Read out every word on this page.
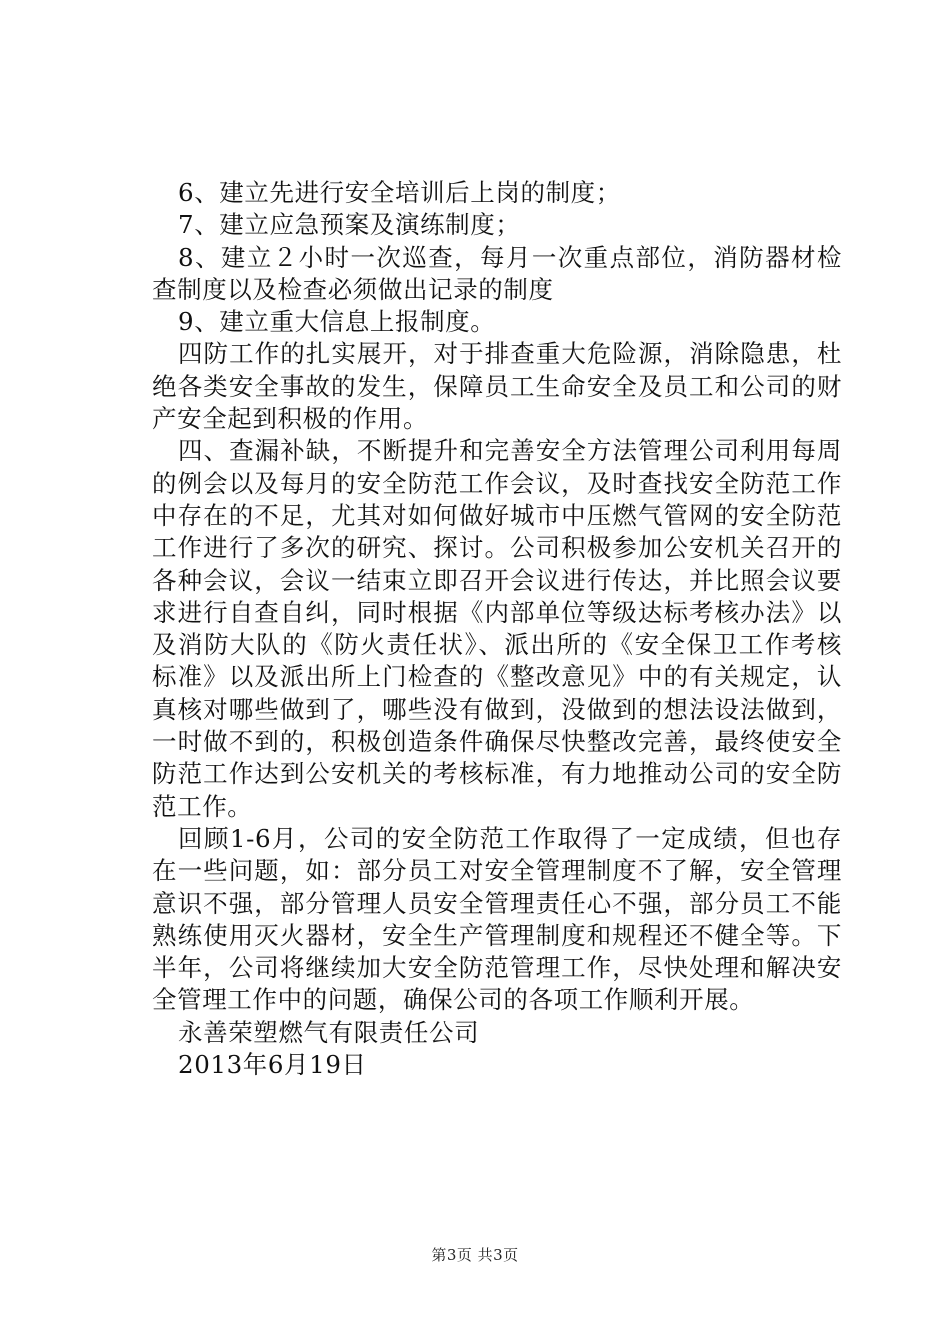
6、建立先进行安全培训后上岗的制度；

7、建立应急预案及演练制度；

8、建立２小时一次巡查，每月一次重点部位，消防器材检查制度以及检查必须做出记录的制度

9、建立重大信息上报制度。

四防工作的扎实展开，对于排查重大危险源，消除隐患，杜绝各类安全事故的发生，保障员工生命安全及员工和公司的财产安全起到积极的作用。

四、查漏补缺，不断提升和完善安全方法管理公司利用每周的例会以及每月的安全防范工作会议，及时查找安全防范工作中存在的不足，尤其对如何做好城市中压燃气管网的安全防范工作进行了多次的研究、探讨。公司积极参加公安机关召开的各种会议，会议一结束立即召开会议进行传达，并比照会议要求进行自查自纠，同时根据《内部单位等级达标考核办法》以及消防大队的《防火责任状》、派出所的《安全保卫工作考核标准》以及派出所上门检查的《整改意见》中的有关规定，认真核对哪些做到了，哪些没有做到，没做到的想法设法做到，一时做不到的，积极创造条件确保尽快整改完善，最终使安全防范工作达到公安机关的考核标准，有力地推动公司的安全防范工作。

回顾1-6月，公司的安全防范工作取得了一定成绩，但也存在一些问题，如：部分员工对安全管理制度不了解，安全管理意识不强，部分管理人员安全管理责任心不强，部分员工不能熟练使用灭火器材，安全生产管理制度和规程还不健全等。下半年，公司将继续加大安全防范管理工作，尽快处理和解决安全管理工作中的问题，确保公司的各项工作顺利开展。

永善荣塑燃气有限责任公司

2013年6月19日

第3页 共3页
